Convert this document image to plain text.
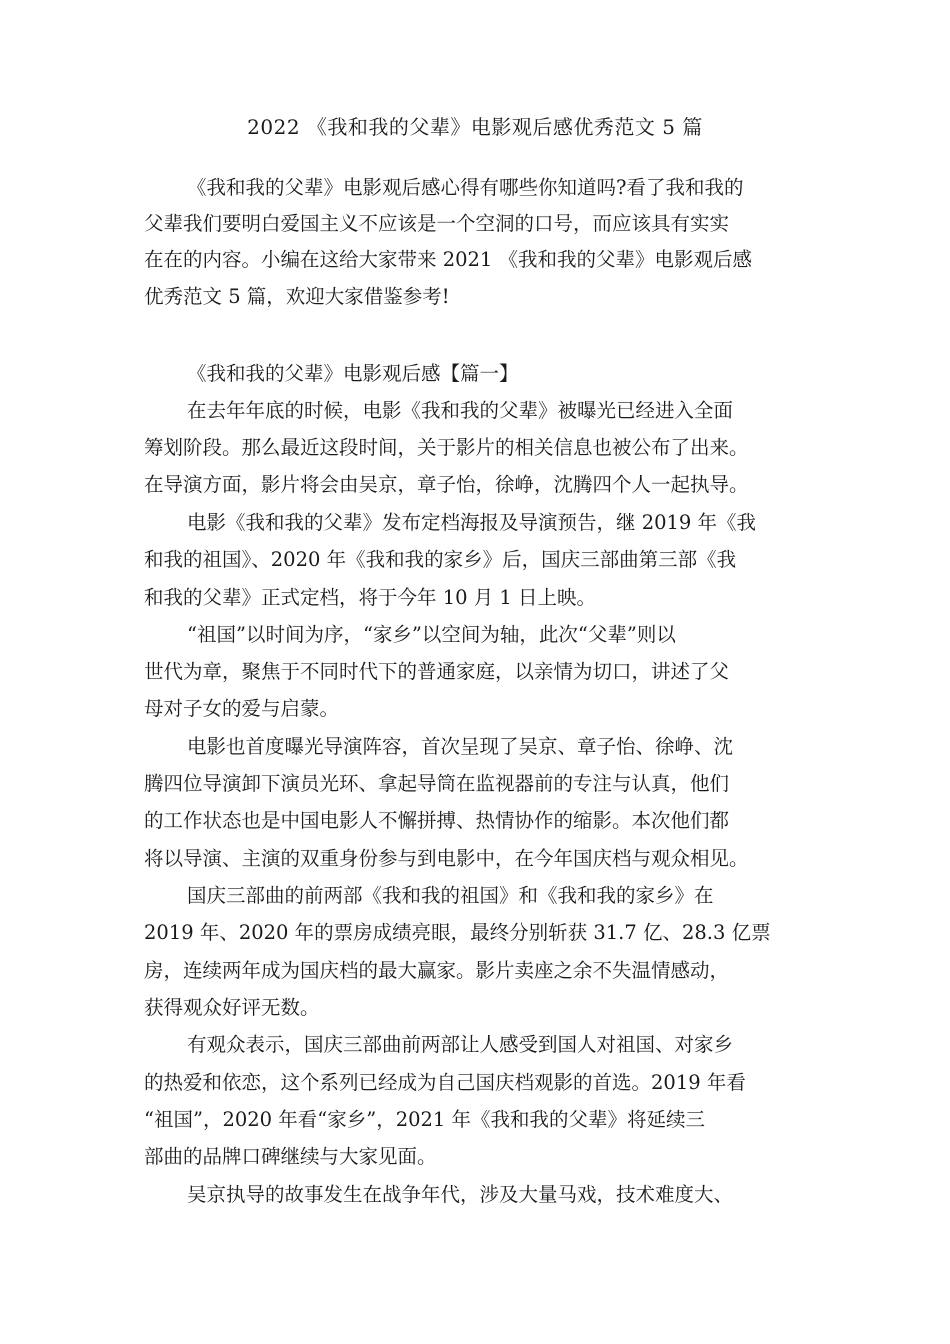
2022 《我和我的父辈》电影观后感优秀范文 5 篇
《我和我的父辈》电影观后感心得有哪些你知道吗?看了我和我的
父辈我们要明白爱国主义不应该是一个空洞的口号，而应该具有实实
在在的内容。小编在这给大家带来 2021 《我和我的父辈》电影观后感
优秀范文 5 篇，欢迎大家借鉴参考!
《我和我的父辈》电影观后感【篇一】
在去年年底的时候，电影《我和我的父辈》被曝光已经进入全面
筹划阶段。那么最近这段时间，关于影片的相关信息也被公布了出来。
在导演方面，影片将会由吴京，章子怡，徐峥，沈腾四个人一起执导。
电影《我和我的父辈》发布定档海报及导演预告，继 2019 年《我
和我的祖国》、2020 年《我和我的家乡》后，国庆三部曲第三部《我
和我的父辈》正式定档，将于今年 10 月 1 日上映。
“祖国”以时间为序，“家乡”以空间为轴，此次“父辈”则以
世代为章，聚焦于不同时代下的普通家庭，以亲情为切口，讲述了父
母对子女的爱与启蒙。
电影也首度曝光导演阵容，首次呈现了吴京、章子怡、徐峥、沈
腾四位导演卸下演员光环、拿起导筒在监视器前的专注与认真，他们
的工作状态也是中国电影人不懈拼搏、热情协作的缩影。本次他们都
将以导演、主演的双重身份参与到电影中，在今年国庆档与观众相见。
国庆三部曲的前两部《我和我的祖国》和《我和我的家乡》在
2019 年、2020 年的票房成绩亮眼，最终分别斩获 31.7 亿、28.3 亿票
房，连续两年成为国庆档的最大赢家。影片卖座之余不失温情感动，
获得观众好评无数。
有观众表示，国庆三部曲前两部让人感受到国人对祖国、对家乡
的热爱和依恋，这个系列已经成为自己国庆档观影的首选。2019 年看
“祖国”，2020 年看“家乡”，2021 年《我和我的父辈》将延续三
部曲的品牌口碑继续与大家见面。
吴京执导的故事发生在战争年代，涉及大量马戏，技术难度大、
